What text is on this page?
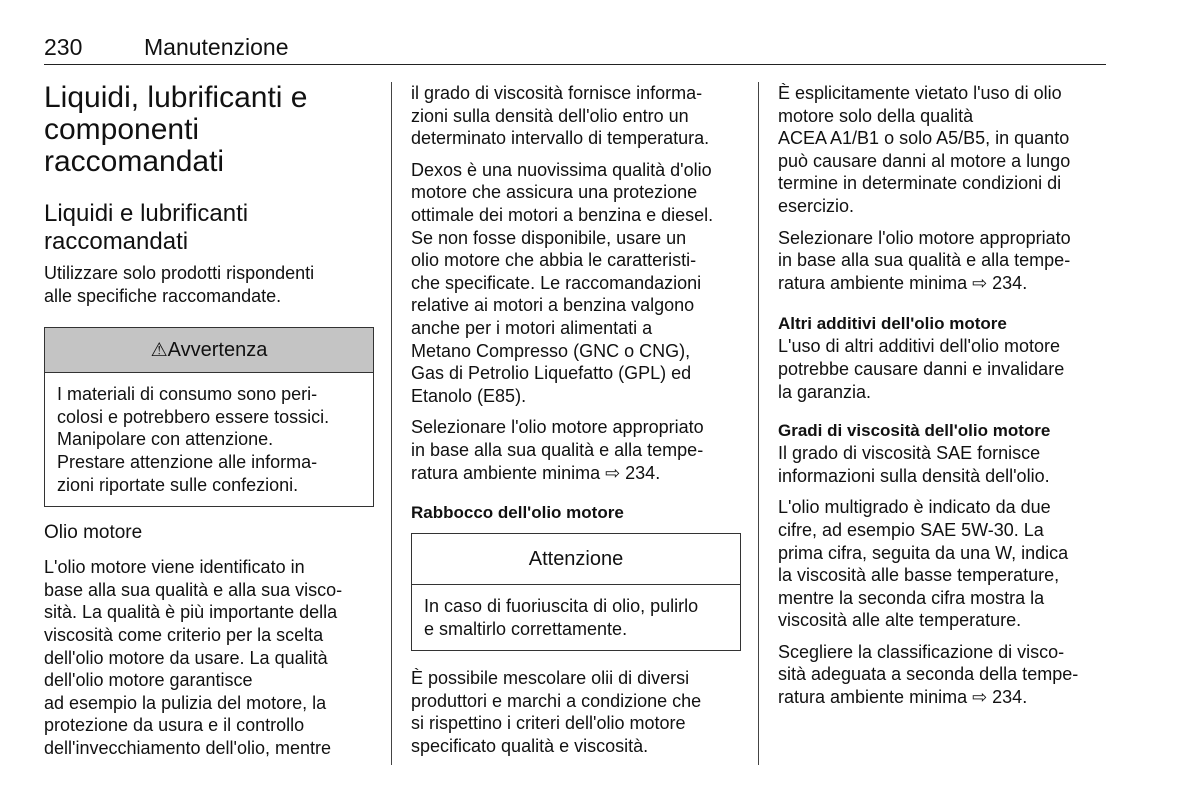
230	Manutenzione
Liquidi, lubrificanti e
componenti
raccomandati
Liquidi e lubrificanti
raccomandati

Utilizzare solo prodotti rispondenti
alle specifiche raccomandate.

⚠Avvertenza
I materiali di consumo sono peri-
colosi e potrebbero essere tossici.
Manipolare con attenzione.
Prestare attenzione alle informa-
zioni riportate sulle confezioni.
Olio motore

L'olio motore viene identificato in
base alla sua qualità e alla sua visco-
sità. La qualità è più importante della
viscosità come criterio per la scelta
dell'olio motore da usare. La qualità
dell'olio motore garantisce
ad esempio la pulizia del motore, la
protezione da usura e il controllo
dell'invecchiamento dell'olio, mentre

il grado di viscosità fornisce informa-
zioni sulla densità dell'olio entro un
determinato intervallo di temperatura.

Dexos è una nuovissima qualità d'olio
motore che assicura una protezione
ottimale dei motori a benzina e diesel.
Se non fosse disponibile, usare un
olio motore che abbia le caratteristi-
che specificate. Le raccomandazioni
relative ai motori a benzina valgono
anche per i motori alimentati a
Metano Compresso (GNC o CNG),
Gas di Petrolio Liquefatto (GPL) ed
Etanolo (E85).

Selezionare l'olio motore appropriato
in base alla sua qualità e alla tempe-
ratura ambiente minima ⇨ 234.

Rabbocco dell'olio motore
Attenzione
In caso di fuoriuscita di olio, pulirlo
e smaltirlo correttamente.

È possibile mescolare olii di diversi
produttori e marchi a condizione che
si rispettino i criteri dell'olio motore
specificato qualità e viscosità.

È esplicitamente vietato l'uso di olio
motore solo della qualità
ACEA A1/B1 o solo A5/B5, in quanto
può causare danni al motore a lungo
termine in determinate condizioni di
esercizio.

Selezionare l'olio motore appropriato
in base alla sua qualità e alla tempe-
ratura ambiente minima ⇨ 234.

Altri additivi dell'olio motore

L'uso di altri additivi dell'olio motore
potrebbe causare danni e invalidare
la garanzia.

Gradi di viscosità dell'olio motore

Il grado di viscosità SAE fornisce
informazioni sulla densità dell'olio.

L'olio multigrado è indicato da due
cifre, ad esempio SAE 5W-30. La
prima cifra, seguita da una W, indica
la viscosità alle basse temperature,
mentre la seconda cifra mostra la
viscosità alle alte temperature.

Scegliere la classificazione di visco-
sità adeguata a seconda della tempe-
ratura ambiente minima ⇨ 234.
